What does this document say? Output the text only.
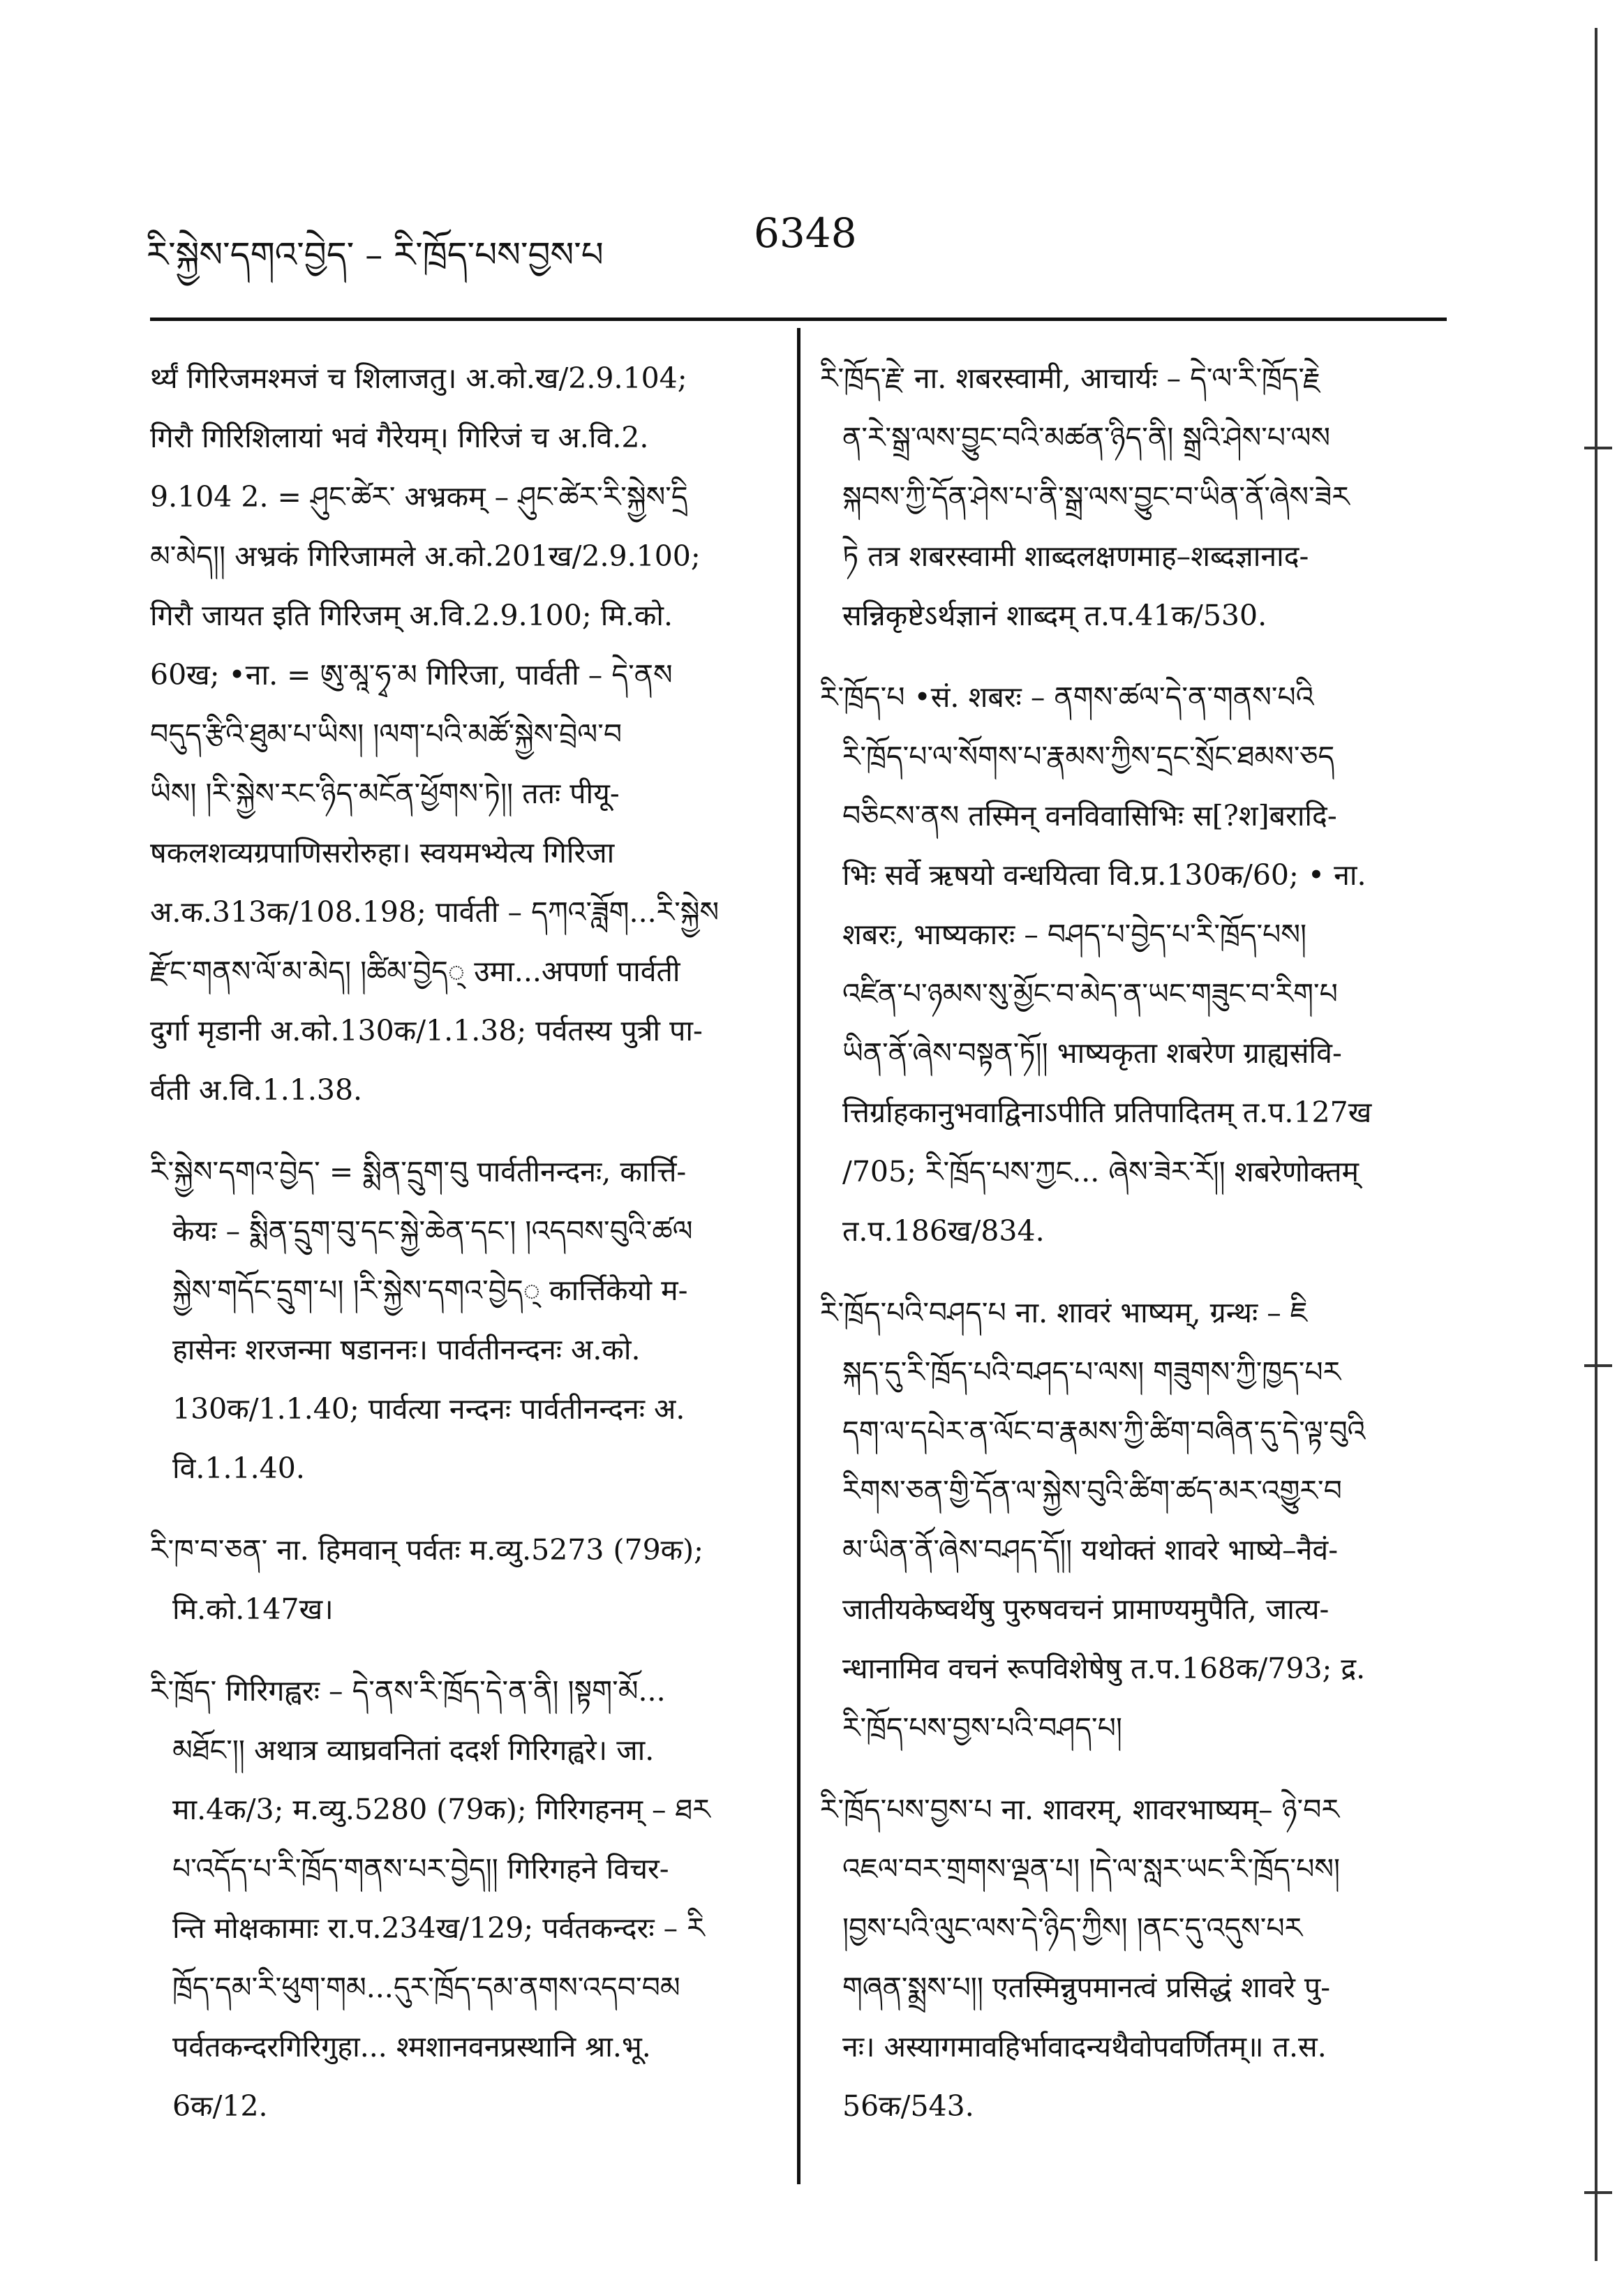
རི་སྐྱེས་དགའ་བྱེད་ – རི་ཁྲོད་པས་བྱས་པ	6348
र्थ्यं गिरिजमश्मजं च शिलाजतु। अ.को.ख/2.9.104;
गिरौ गिरिशिलायां भवं गैरेयम्। गिरिजं च अ.वि.2.
9.104 2. = ཤུང་ཚེར་ अभ्रकम् – ཤུང་ཚེར་རི་སྐྱེས་དྲི
མ་མེད།། अभ्रकं गिरिजामले अ.को.201ख/2.9.100;
गिरौ जायत इति गिरिजम् अ.वि.2.9.100; मि.को.
60ख; •ना. = ཨུ་མཱ་ཧྭ་མ गिरिजा, पार्वती – དེ་ནས
བདུད་རྩིའི་ཐུམ་པ་ཡིས། །ལག་པའི་མཚོ་སྐྱེས་བྲེལ་བ
ཡིས། །རི་སྐྱེས་རང་ཉིད་མངོན་ཕྱོགས་ཏེ།། ततः पीयू-
षकलशव्यग्रपाणिसरोरुहा। स्वयमभ्येत्य गिरिजा
अ.क.313क/108.198; पार्वती – དཀའ་ཟློག...རི་སྐྱེས
རྫོང་གནས་ལོ་མ་མེད། །ཚིམ་བྱེད् उमा...अपर्णा पार्वती
दुर्गा मृडानी अ.को.130क/1.1.38; पर्वतस्य पुत्री पा-
र्वती अ.वि.1.1.38.
རི་སྐྱེས་དགའ་བྱེད་ = སྨིན་དྲུག་བུ पार्वतीनन्दनः, कार्त्ति-
केयः – སྨིན་དྲུག་བུ་དང་སྐྱེ་ཆེན་དང་། །འདབས་བུའི་ཚལ
སྐྱེས་གདོང་དྲུག་པ། །རི་སྐྱེས་དགའ་བྱེད् कार्त्तिकेयो म-
हासेनः शरजन्मा षडाननः। पार्वतीनन्दनः अ.को.
130क/1.1.40; पार्वत्या नन्दनः पार्वतीनन्दनः अ.
वि.1.1.40.
རི་ཁ་བ་ཅན་ ना. हिमवान् पर्वतः म.व्यु.5273 (79क);
मि.को.147ख।
རི་ཁྲོད་ गिरिगह्वरः – དེ་ནས་རི་ཁྲོད་དེ་ན་ནི། །སྟག་མོ...
མཐོང་།། अथात्र व्याघ्रवनितां ददर्श गिरिगह्वरे। जा.
मा.4क/3; म.व्यु.5280 (79क); गिरिगहनम् – ཐར
པ་འདོད་པ་རི་ཁྲོད་གནས་པར་བྱེད།། गिरिगहने विचर-
न्ति मोक्षकामाः रा.प.234ख/129; पर्वतकन्दरः – རི
ཁྲོད་དམ་རི་ཕུག་གམ...དུར་ཁྲོད་དམ་ནགས་འདབ་བམ
पर्वतकन्दरगिरिगुहा... श्मशानवनप्रस्थानि श्रा.भू.
6क/12.
རི་ཁྲོད་རྗེ་ ना. शबरस्वामी, आचार्यः – དེ་ལ་རི་ཁྲོད་རྗེ
ན་རེ་སྒྲ་ལས་བྱུང་བའི་མཚན་ཉིད་ནི། སྒྲའི་ཤེས་པ་ལས
སྐབས་ཀྱི་དོན་ཤེས་པ་ནི་སྒྲ་ལས་བྱུང་བ་ཡིན་ནོ་ཞེས་ཟེར
ཏེ तत्र शबरस्वामी शाब्दलक्षणमाह–शब्दज्ञानाद-
सन्निकृष्टेऽर्थज्ञानं शाब्दम् त.प.41क/530.
རི་ཁྲོད་པ •सं. शबरः – ནགས་ཚལ་དེ་ན་གནས་པའི
རི་ཁྲོད་པ་ལ་སོགས་པ་རྣམས་ཀྱིས་དྲང་སྲོང་ཐམས་ཅད
བཅིངས་ནས तस्मिन् वनविवासिभिः स[?श]बरादि-
भिः सर्वे ऋषयो वन्धयित्वा वि.प्र.130क/60; • ना.
शबरः, भाष्यकारः – བཤད་པ་བྱེད་པ་རི་ཁྲོད་པས།
འཛིན་པ་ཉམས་སུ་མྱོང་བ་མེད་ན་ཡང་གཟུང་བ་རིག་པ
ཡིན་ནོ་ཞེས་བསྟན་ཏོ།། भाष्यकृता शबरेण ग्राह्यसंवि-
त्तिर्ग्राहकानुभवाद्विनाऽपीति प्रतिपादितम् त.प.127ख
/705; རི་ཁྲོད་པས་ཀྱང... ཞེས་ཟེར་རོ།། शबरेणोक्तम्
त.प.186ख/834.
རི་ཁྲོད་པའི་བཤད་པ ना. शावरं भाष्यम्, ग्रन्थः – ཇི
སྐད་དུ་རི་ཁྲོད་པའི་བཤད་པ་ལས། གཟུགས་ཀྱི་ཁྱད་པར
དག་ལ་དཔེར་ན་ལོང་བ་རྣམས་ཀྱི་ཚིག་བཞིན་དུ་དེ་ལྟ་བུའི
རིགས་ཅན་གྱི་དོན་ལ་སྐྱེས་བུའི་ཚིག་ཚད་མར་འགྱུར་བ
མ་ཡིན་ནོ་ཞེས་བཤད་དོ།། यथोक्तं शावरे भाष्ये–नैवं-
जातीयकेष्वर्थेषु पुरुषवचनं प्रामाण्यमुपैति, जात्य-
न्धानामिव वचनं रूपविशेषेषु त.प.168क/793; द्र.
རི་ཁྲོད་པས་བྱས་པའི་བཤད་པ།
རི་ཁྲོད་པས་བྱས་པ ना. शावरम्, शावरभाष्यम्– ཉེ་བར
འཇལ་བར་གྲགས་ལྡན་པ། །དེ་ལ་སླར་ཡང་རི་ཁྲོད་པས།
།བྱས་པའི་ལུང་ལས་དེ་ཉིད་ཀྱིས། །ནང་དུ་འདུས་པར
གཞན་སྨྲས་པ།། एतस्मिन्नुपमानत्वं प्रसिद्धं शावरे पु-
नः। अस्यागमावहिर्भावादन्यथैवोपवर्णितम्॥ त.स.
56क/543.
